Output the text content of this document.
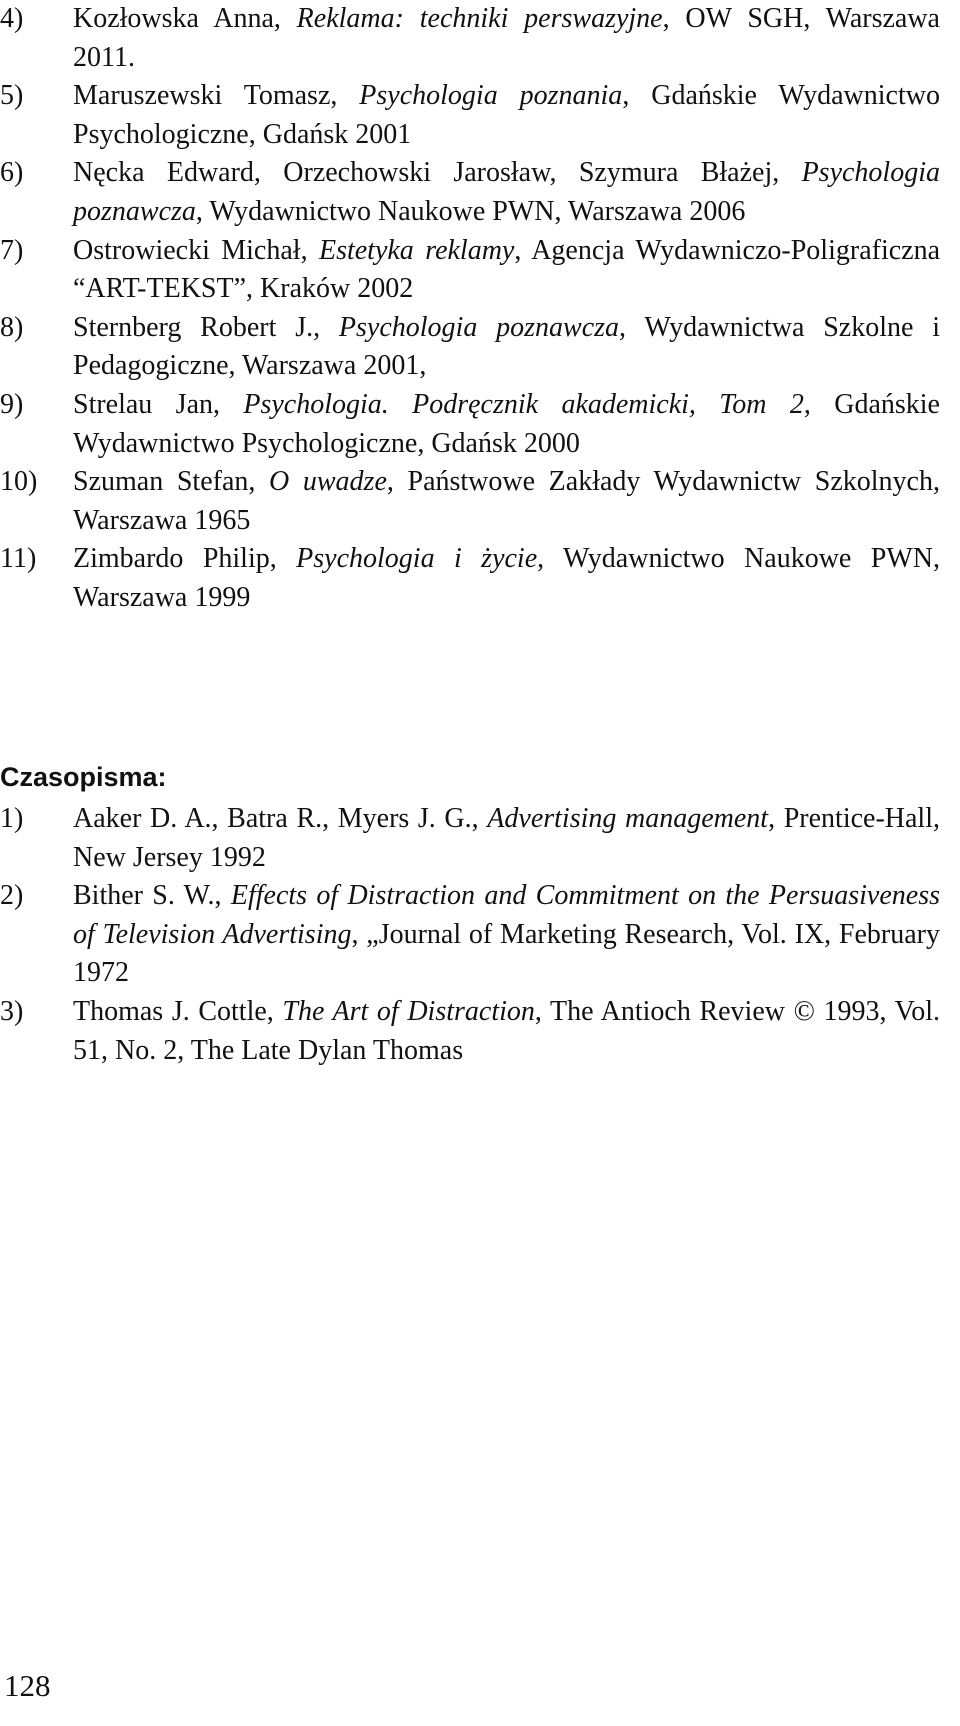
4) Kozłowska Anna, Reklama: techniki perswazyjne, OW SGH, Warszawa 2011.
5) Maruszewski Tomasz, Psychologia poznania, Gdańskie Wydawnictwo Psychologiczne, Gdańsk 2001
6) Nęcka Edward, Orzechowski Jarosław, Szymura Błażej, Psychologia poznawcza, Wydawnictwo Naukowe PWN, Warszawa 2006
7) Ostrowiecki Michał, Estetyka reklamy, Agencja Wydawniczo-Poligraficzna “ART-TEKST”, Kraków 2002
8) Sternberg Robert J., Psychologia poznawcza, Wydawnictwa Szkolne i Pedagogiczne, Warszawa 2001,
9) Strelau Jan, Psychologia. Podręcznik akademicki, Tom 2, Gdańskie Wydawnictwo Psychologiczne, Gdańsk 2000
10) Szuman Stefan, O uwadze, Państwowe Zakłady Wydawnictw Szkolnych, Warszawa 1965
11) Zimbardo Philip, Psychologia i życie, Wydawnictwo Naukowe PWN, Warszawa 1999

Czasopisma:

1) Aaker D. A., Batra R., Myers J. G., Advertising management, Prentice-Hall, New Jersey 1992
2) Bither S. W., Effects of Distraction and Commitment on the Persuasiveness of Television Advertising, „Journal of Marketing Research, Vol. IX, February 1972
3) Thomas J. Cottle, The Art of Distraction, The Antioch Review © 1993, Vol. 51, No. 2, The Late Dylan Thomas

128
